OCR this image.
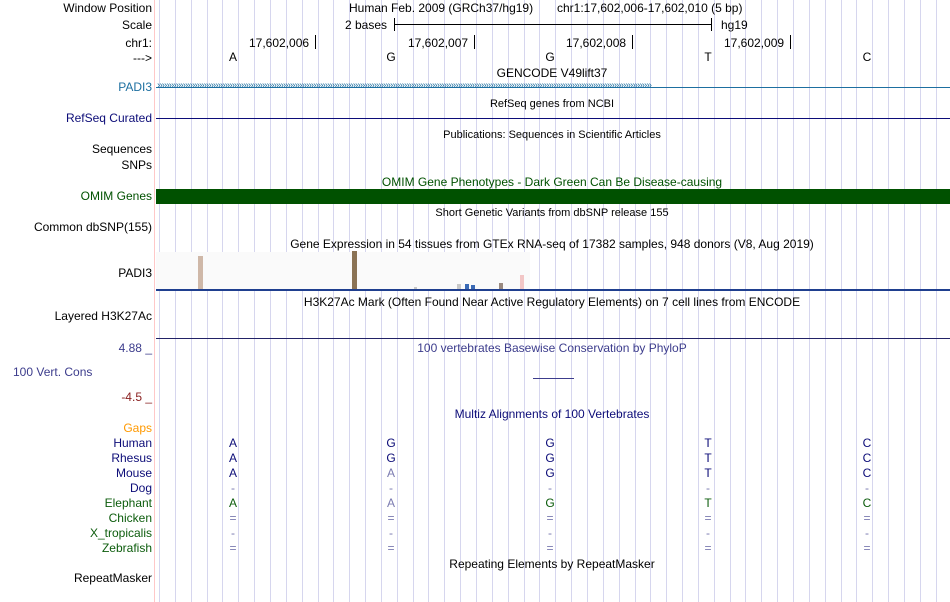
Window Position
Scale
chr1:
--->
Human Feb. 2009 (GRCh37/hg19) chr1:17,602,006-17,602,010 (5 bp)
2 bases	hg19
17,602,006	17,602,007	17,602,008	17,602,009
A	G	G	T	C
GENCODE V49lift37
PADI3 ››››››››››››››››››››››››››››››››››››››››››››››››››››››››››››››››››››››››››››››››››››››››››››››››››››››››››››››››››››››››››››››››››››››››››››››››››››››››››››››››››››››››››››››››››››››››››››››››››››››››››››››››››››
RefSeq genes from NCBI
RefSeq Curated
Publications: Sequences in Scientific Articles
Sequences
SNPs
OMIM Gene Phenotypes - Dark Green Can Be Disease-causing
OMIM Genes
Short Genetic Variants from dbSNP release 155
Common dbSNP(155)
Gene Expression in 54 tissues from GTEx RNA-seq of 17382 samples, 948 donors (V8, Aug 2019)
PADI3
H3K27Ac Mark (Often Found Near Active Regulatory Elements) on 7 cell lines from ENCODE
Layered H3K27Ac
100 vertebrates Basewise Conservation by PhyloP
4.88 _
100 Vert. Cons
-4.5 _
Multiz Alignments of 100 Vertebrates
Gaps
Human	A	G	G	T	C
Rhesus	A	G	G	T	C
Mouse	A	A	G	T	C
Dog	-	-	-	-	-
Elephant	A	A	G	T	C
Chicken	=	=	=	=	=
X_tropicalis	-	-	-	-	-
Zebrafish	=	=	=	=	=
Repeating Elements by RepeatMasker
RepeatMasker
